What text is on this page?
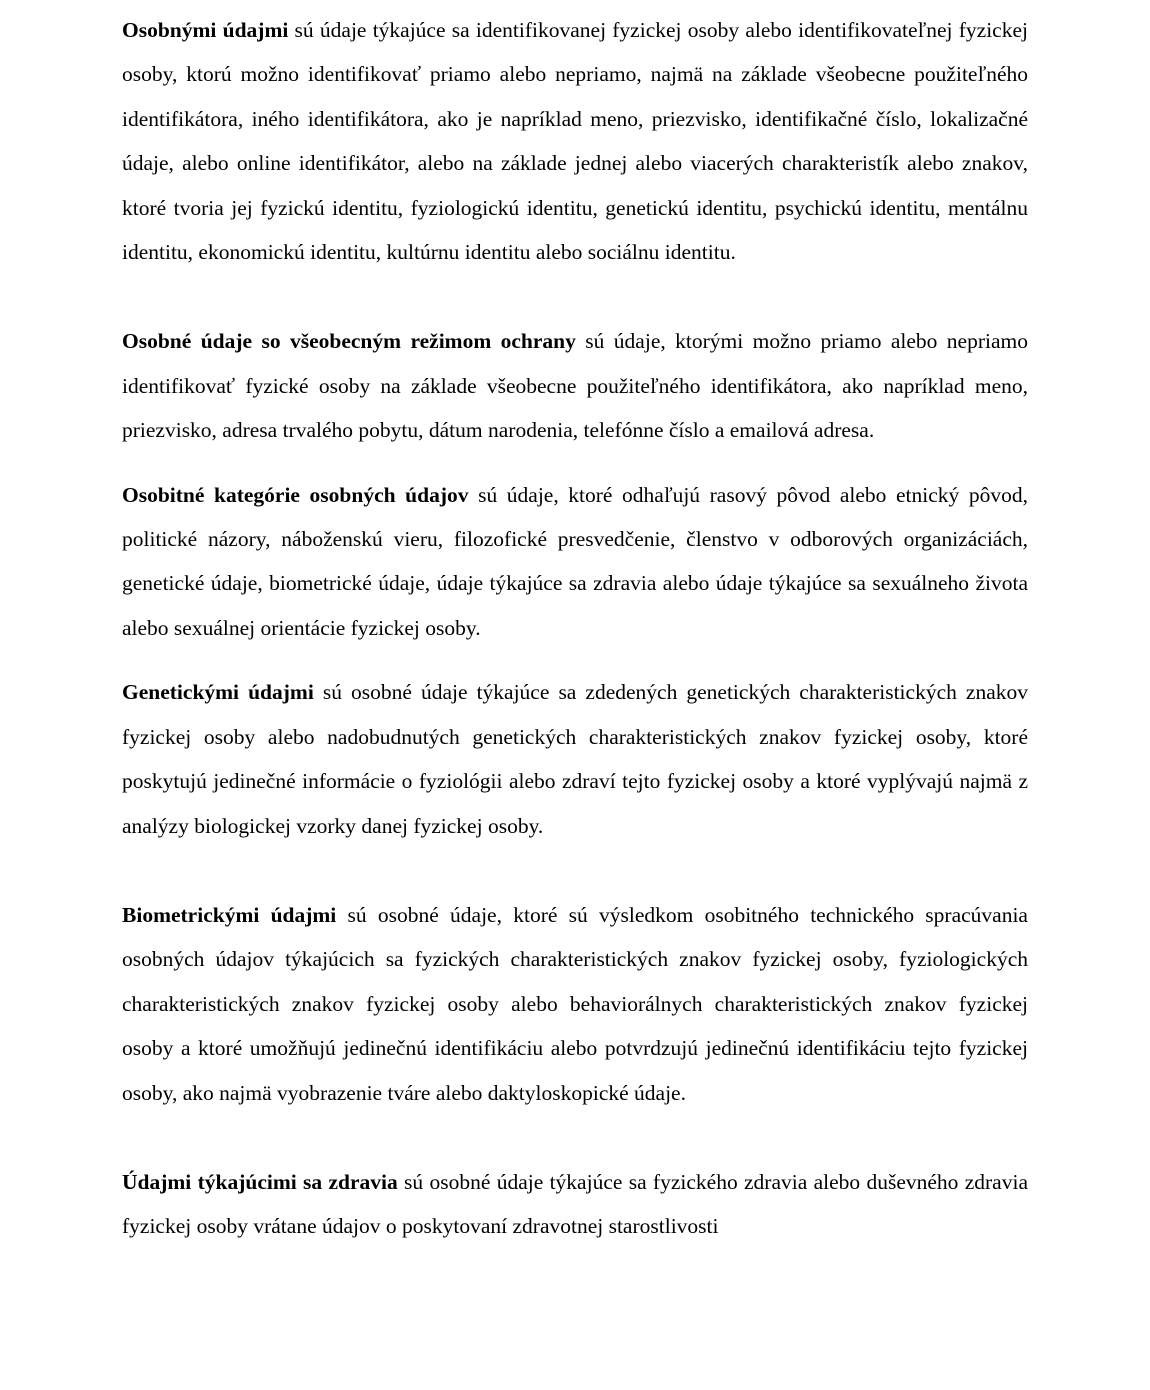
Osobnými údajmi sú údaje týkajúce sa identifikovanej fyzickej osoby alebo identifikovateľnej fyzickej osoby, ktorú možno identifikovať priamo alebo nepriamo, najmä na základe všeobecne použiteľného identifikátora, iného identifikátora, ako je napríklad meno, priezvisko, identifikačné číslo, lokalizačné údaje, alebo online identifikátor, alebo na základe jednej alebo viacerých charakteristík alebo znakov, ktoré tvoria jej fyzickú identitu, fyziologickú identitu, genetickú identitu, psychickú identitu, mentálnu identitu, ekonomickú identitu, kultúrnu identitu alebo sociálnu identitu.

Osobné údaje so všeobecným režimom ochrany sú údaje, ktorými možno priamo alebo nepriamo identifikovať fyzické osoby na základe všeobecne použiteľného identifikátora, ako napríklad meno, priezvisko, adresa trvalého pobytu, dátum narodenia, telefónne číslo a emailová adresa.

Osobitné kategórie osobných údajov sú údaje, ktoré odhaľujú rasový pôvod alebo etnický pôvod, politické názory, náboženskú vieru, filozofické presvedčenie, členstvo v odborových organizáciách, genetické údaje, biometrické údaje, údaje týkajúce sa zdravia alebo údaje týkajúce sa sexuálneho života alebo sexuálnej orientácie fyzickej osoby.

Genetickými údajmi sú osobné údaje týkajúce sa zdedených genetických charakteristických znakov fyzickej osoby alebo nadobudnutých genetických charakteristických znakov fyzickej osoby, ktoré poskytujú jedinečné informácie o fyziológii alebo zdraví tejto fyzickej osoby a ktoré vyplývajú najmä z analýzy biologickej vzorky danej fyzickej osoby.

Biometrickými údajmi sú osobné údaje, ktoré sú výsledkom osobitného technického spracúvania osobných údajov týkajúcich sa fyzických charakteristických znakov fyzickej osoby, fyziologických charakteristických znakov fyzickej osoby alebo behaviorálnych charakteristických znakov fyzickej osoby a ktoré umožňujú jedinečnú identifikáciu alebo potvrdzujú jedinečnú identifikáciu tejto fyzickej osoby, ako najmä vyobrazenie tváre alebo daktyloskopické údaje.

Údajmi týkajúcimi sa zdravia sú osobné údaje týkajúce sa fyzického zdravia alebo duševného zdravia fyzickej osoby vrátane údajov o poskytovaní zdravotnej starostlivosti
